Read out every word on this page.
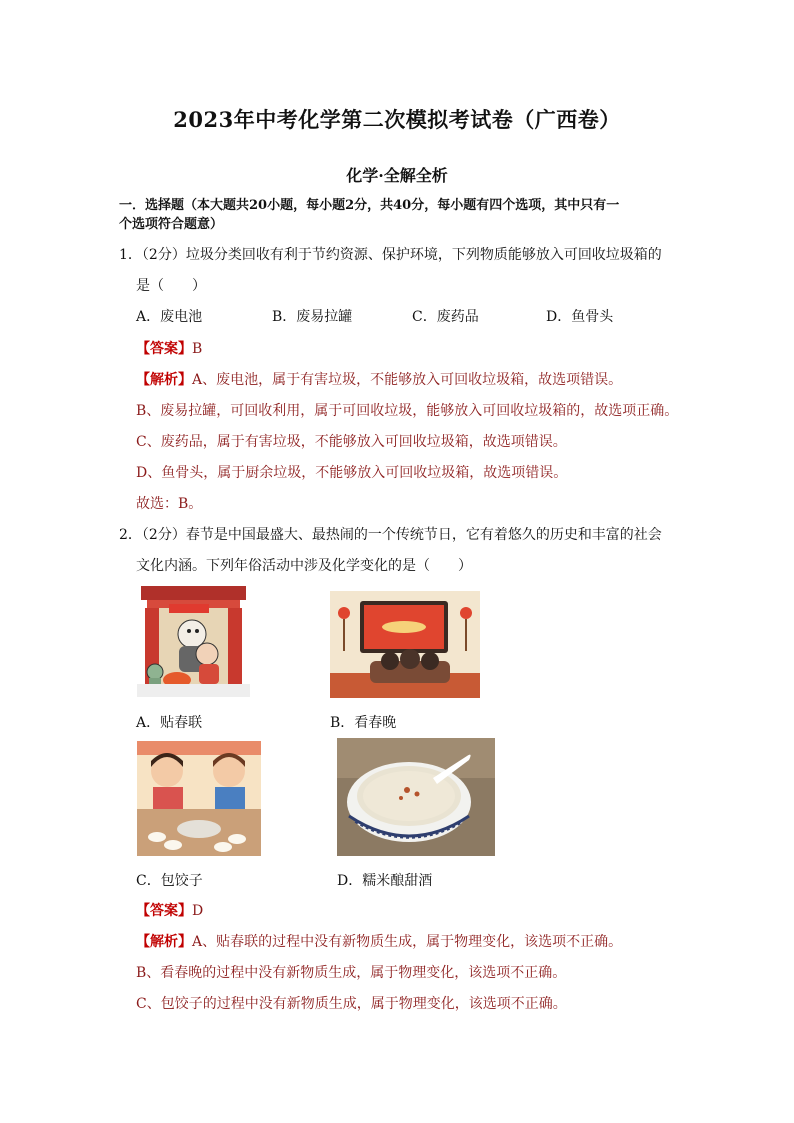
2023年中考化学第二次模拟考试卷（广西卷）
化学·全解全析
一．选择题（本大题共20小题，每小题2分，共40分，每小题有四个选项，其中只有一
个选项符合题意）
1．（2分）垃圾分类回收有利于节约资源、保护环境，下列物质能够放入可回收垃圾箱的
是（　　）
A．废电池	B．废易拉罐	C．废药品	D．鱼骨头
【答案】B
【解析】A、废电池，属于有害垃圾，不能够放入可回收垃圾箱，故选项错误。
B、废易拉罐，可回收利用，属于可回收垃圾，能够放入可回收垃圾箱的，故选项正确。
C、废药品，属于有害垃圾，不能够放入可回收垃圾箱，故选项错误。
D、鱼骨头，属于厨余垃圾，不能够放入可回收垃圾箱，故选项错误。
故选：B。
2．（2分）春节是中国最盛大、最热闹的一个传统节日，它有着悠久的历史和丰富的社会
文化内涵。下列年俗活动中涉及化学变化的是（　　）
A．贴春联	B．看春晚
C．包饺子	D．糯米酿甜酒
【答案】D
【解析】A、贴春联的过程中没有新物质生成，属于物理变化，该选项不正确。
B、看春晚的过程中没有新物质生成，属于物理变化，该选项不正确。
C、包饺子的过程中没有新物质生成，属于物理变化，该选项不正确。
